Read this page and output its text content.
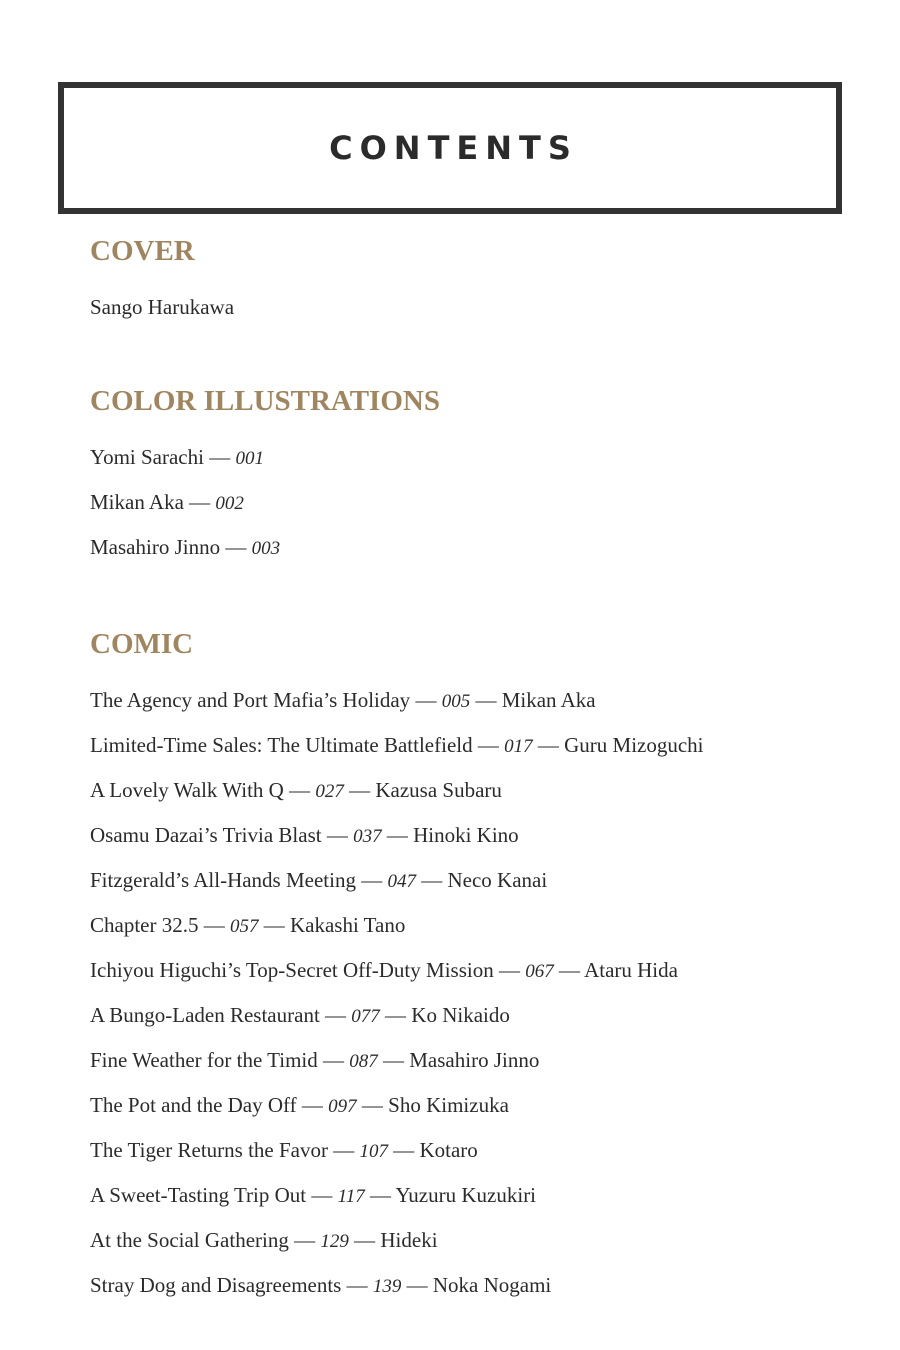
CONTENTS
COVER
Sango Harukawa
COLOR ILLUSTRATIONS
Yomi Sarachi — 001
Mikan Aka — 002
Masahiro Jinno — 003
COMIC
The Agency and Port Mafia’s Holiday — 005 — Mikan Aka
Limited-Time Sales: The Ultimate Battlefield — 017 — Guru Mizoguchi
A Lovely Walk With Q — 027 — Kazusa Subaru
Osamu Dazai’s Trivia Blast — 037 — Hinoki Kino
Fitzgerald’s All-Hands Meeting — 047 — Neco Kanai
Chapter 32.5 — 057 — Kakashi Tano
Ichiyou Higuchi’s Top-Secret Off-Duty Mission — 067 — Ataru Hida
A Bungo-Laden Restaurant — 077 — Ko Nikaido
Fine Weather for the Timid — 087 — Masahiro Jinno
The Pot and the Day Off — 097 — Sho Kimizuka
The Tiger Returns the Favor — 107 — Kotaro
A Sweet-Tasting Trip Out — 117 — Yuzuru Kuzukiri
At the Social Gathering — 129 — Hideki
Stray Dog and Disagreements — 139 — Noka Nogami
